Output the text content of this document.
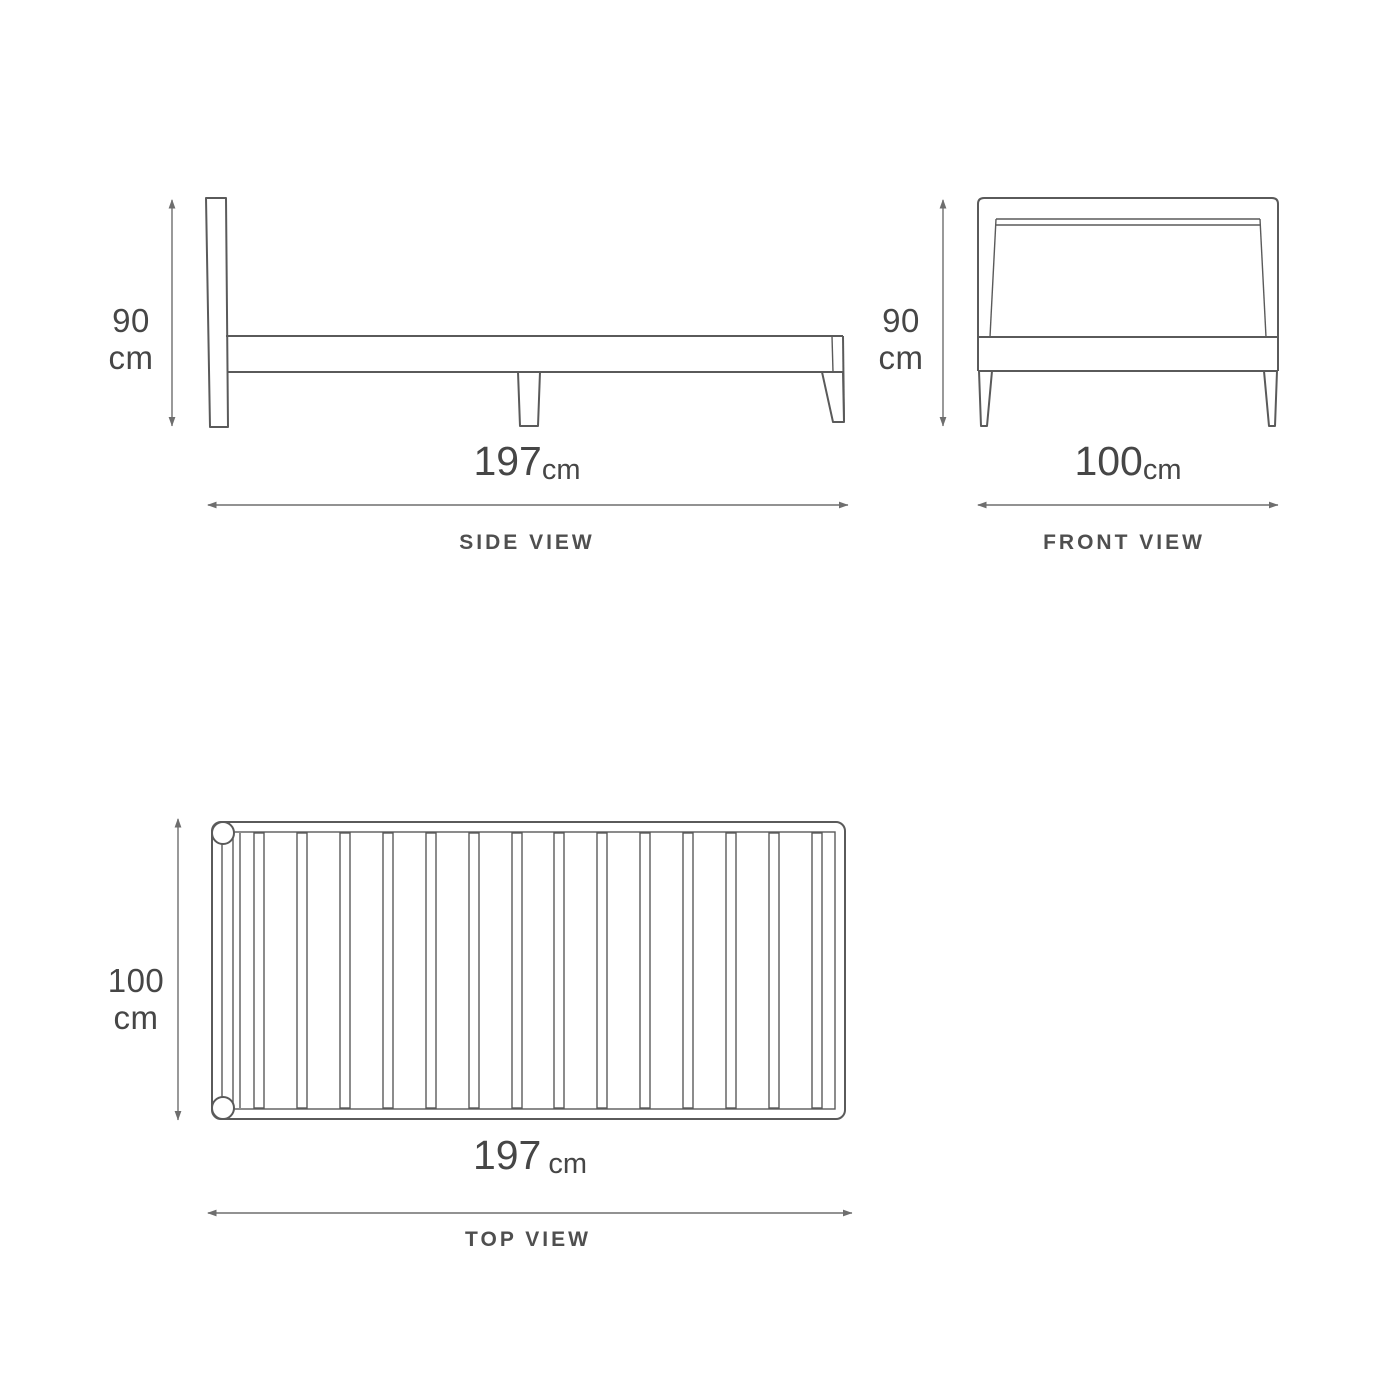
90
cm
197 cm
SIDE VIEW
90
cm
100 cm
FRONT VIEW
100
cm
197 cm
TOP VIEW
